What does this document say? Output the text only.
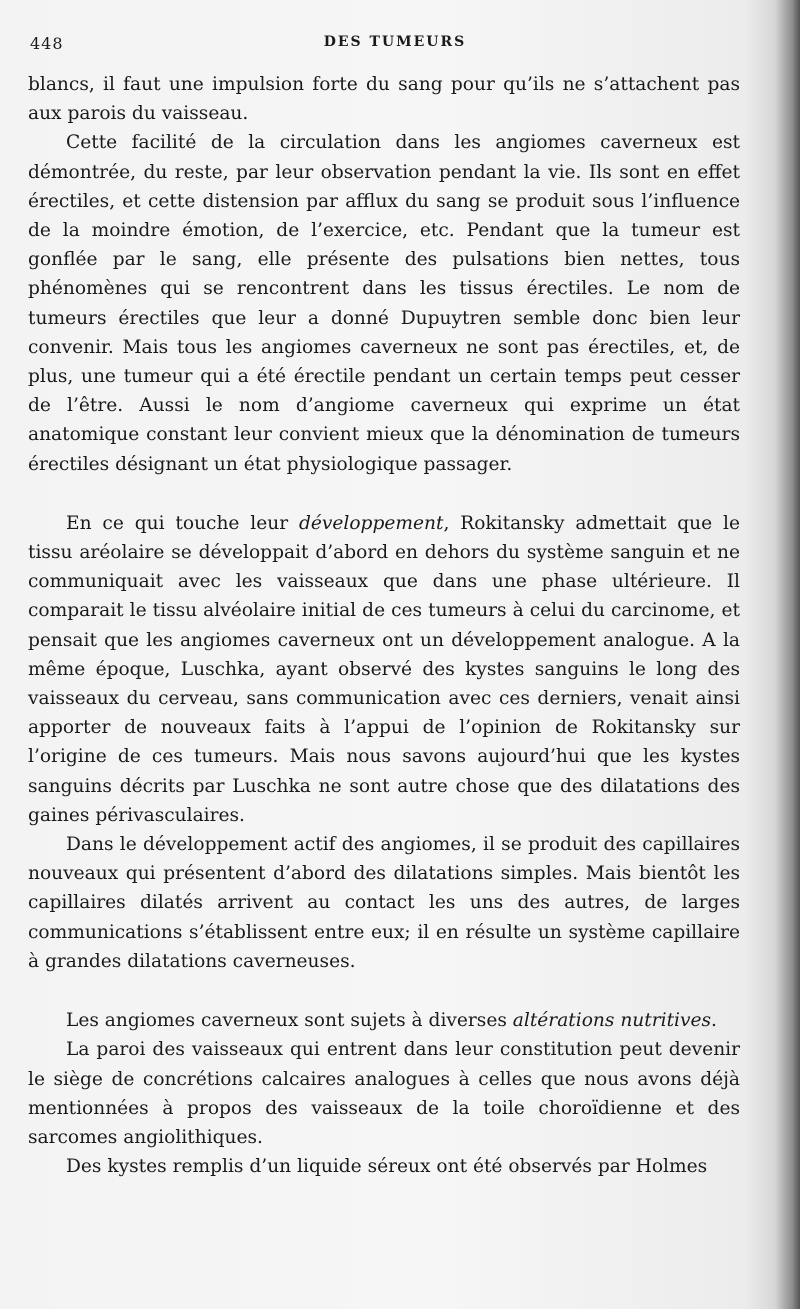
448	DES TUMEURS

blancs, il faut une impulsion forte du sang pour qu’ils ne s’attachent pas aux parois du vaisseau.

Cette facilité de la circulation dans les angiomes caverneux est démontrée, du reste, par leur observation pendant la vie. Ils sont en effet érectiles, et cette distension par afflux du sang se produit sous l’influence de la moindre émotion, de l’exercice, etc. Pendant que la tumeur est gonflée par le sang, elle présente des pulsations bien nettes, tous phénomènes qui se rencontrent dans les tissus érectiles. Le nom de tumeurs érectiles que leur a donné Dupuytren semble donc bien leur convenir. Mais tous les angiomes caverneux ne sont pas érectiles, et, de plus, une tumeur qui a été érectile pendant un certain temps peut cesser de l’être. Aussi le nom d’angiome caverneux qui exprime un état anatomique constant leur convient mieux que la dénomination de tumeurs érectiles désignant un état physiologique passager.

En ce qui touche leur développement, Rokitansky admettait que le tissu aréolaire se développait d’abord en dehors du système sanguin et ne communiquait avec les vaisseaux que dans une phase ultérieure. Il comparait le tissu alvéolaire initial de ces tumeurs à celui du carcinome, et pensait que les angiomes caverneux ont un développement analogue. A la même époque, Luschka, ayant observé des kystes sanguins le long des vaisseaux du cerveau, sans communication avec ces derniers, venait ainsi apporter de nouveaux faits à l’appui de l’opinion de Rokitansky sur l’origine de ces tumeurs. Mais nous savons aujourd’hui que les kystes sanguins décrits par Luschka ne sont autre chose que des dilatations des gaines périvasculaires.

Dans le développement actif des angiomes, il se produit des capillaires nouveaux qui présentent d’abord des dilatations simples. Mais bientôt les capillaires dilatés arrivent au contact les uns des autres, de larges communications s’établissent entre eux; il en résulte un système capillaire à grandes dilatations caverneuses.

Les angiomes caverneux sont sujets à diverses altérations nutritives.

La paroi des vaisseaux qui entrent dans leur constitution peut devenir le siège de concrétions calcaires analogues à celles que nous avons déjà mentionnées à propos des vaisseaux de la toile choroïdienne et des sarcomes angiolithiques.

Des kystes remplis d’un liquide séreux ont été observés par Holmes
